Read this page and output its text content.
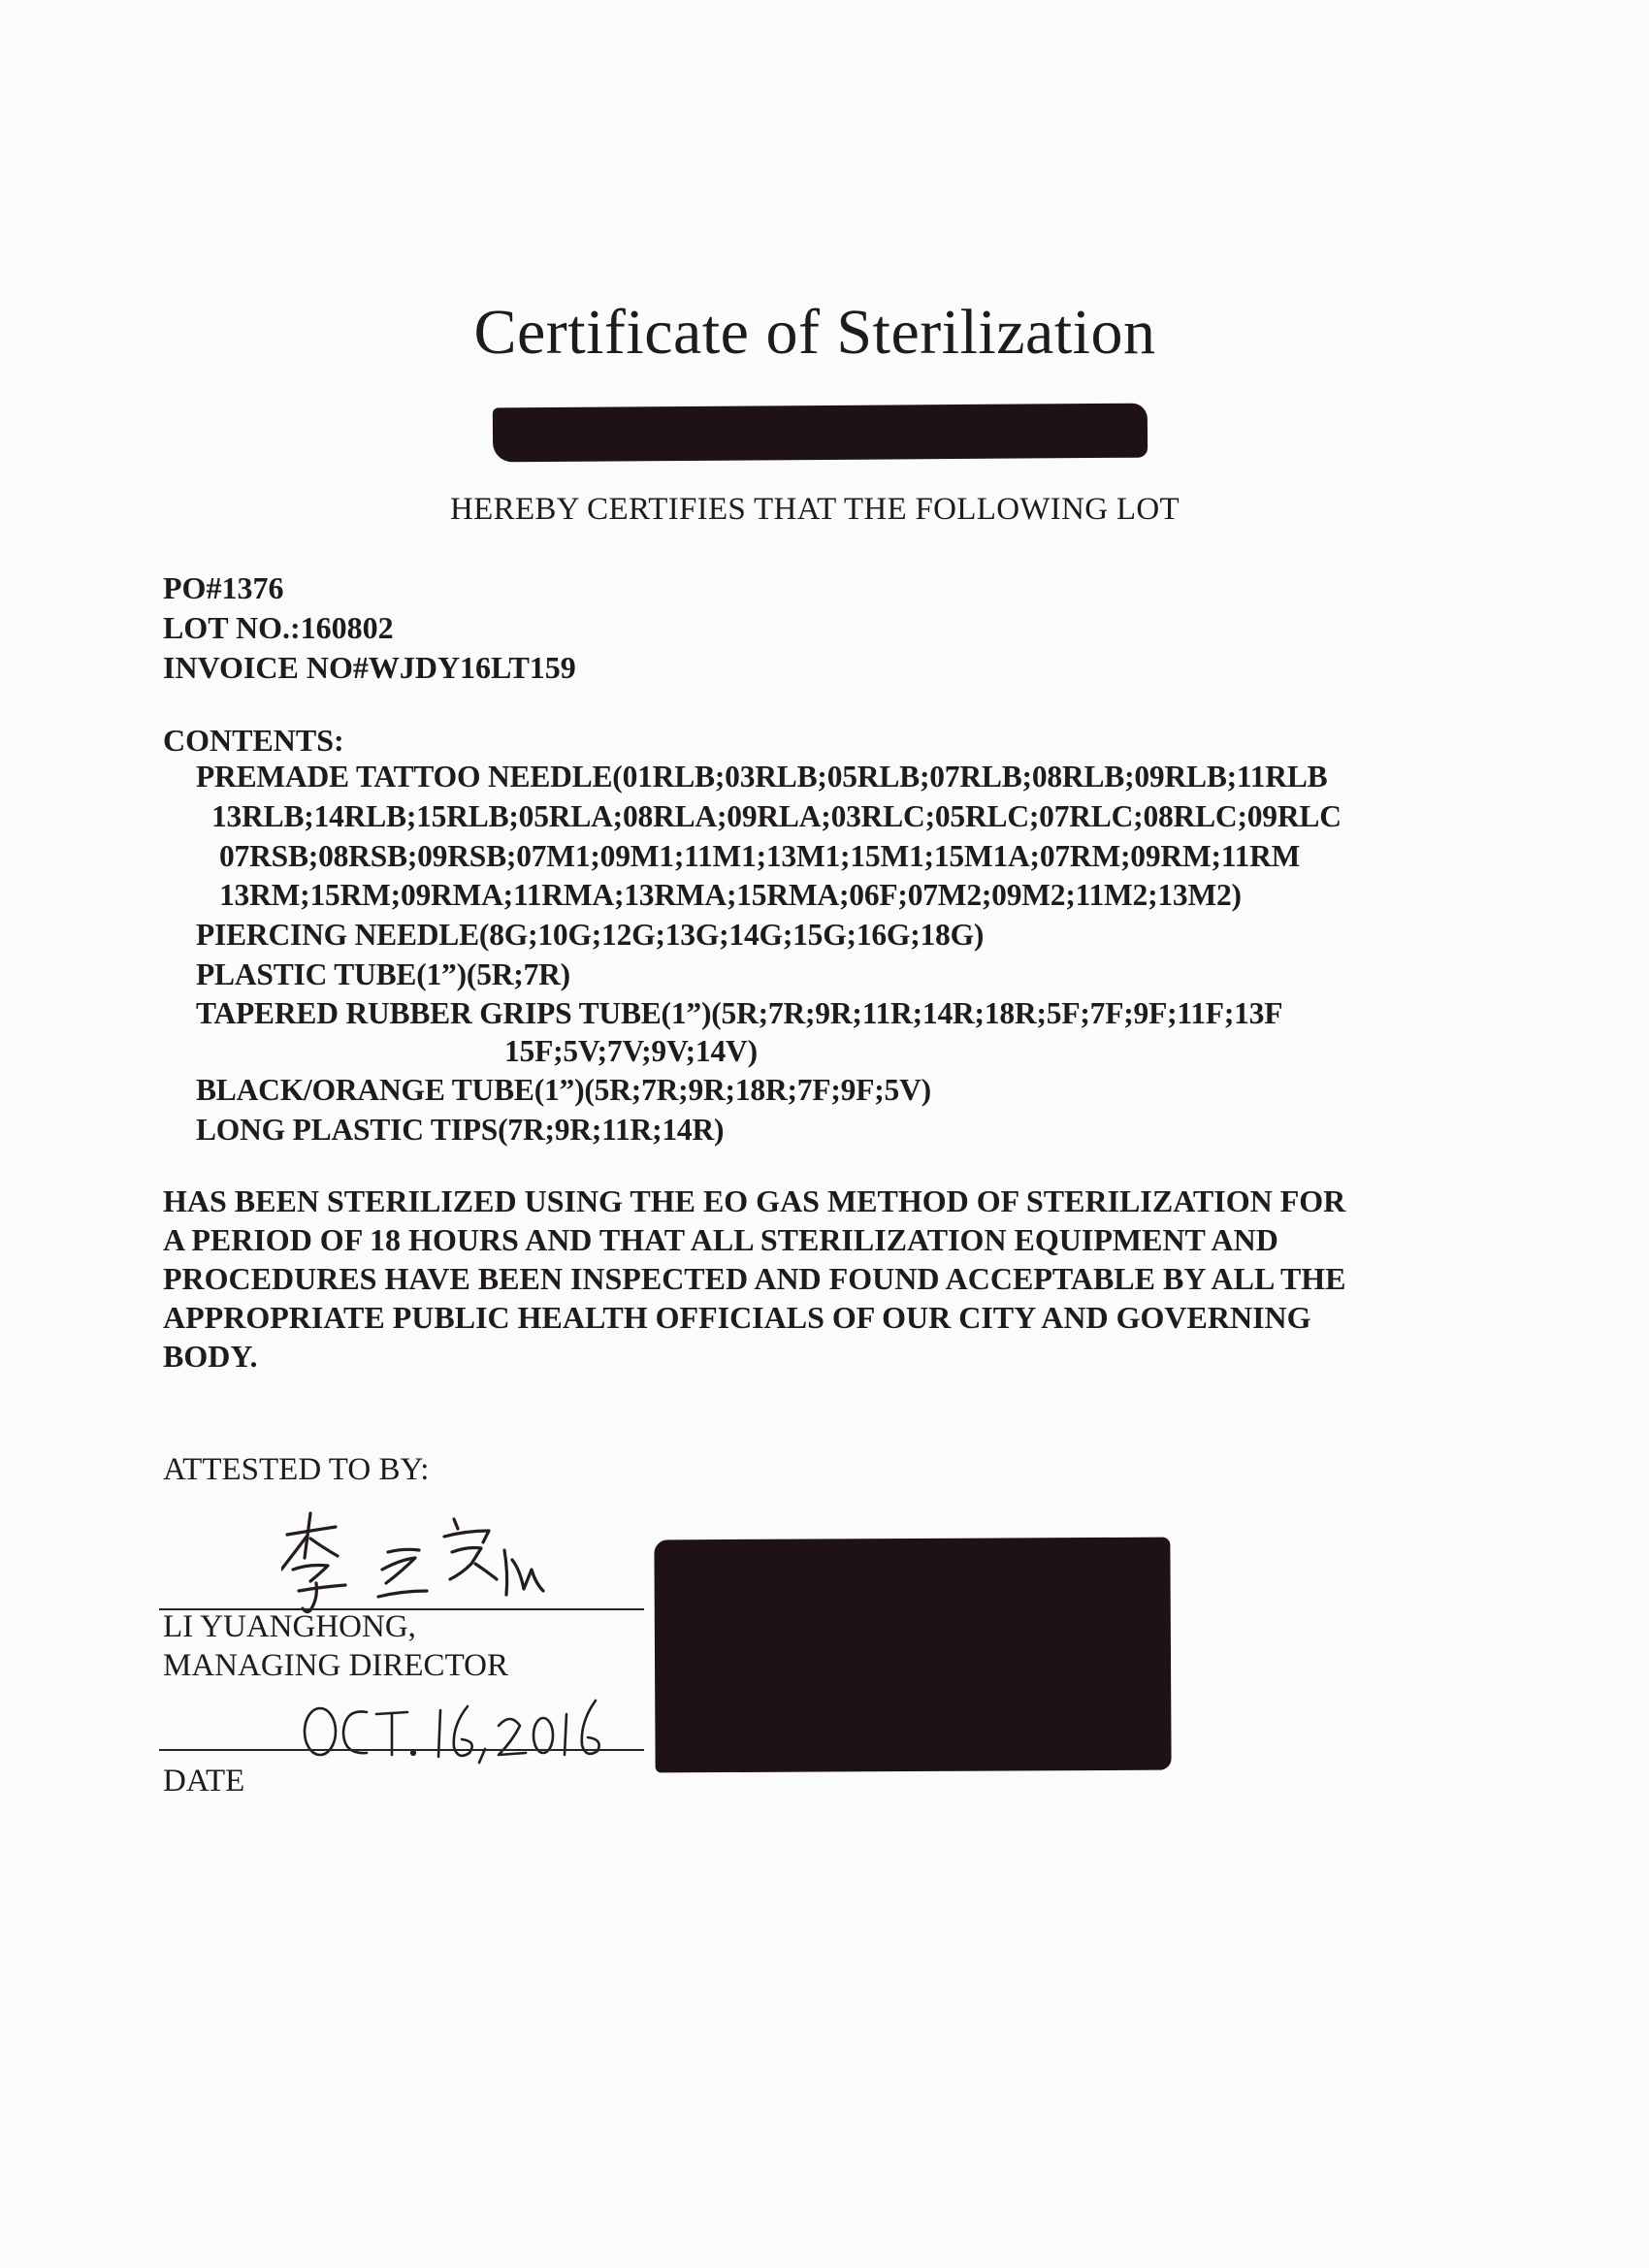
Certificate of Sterilization
HEREBY CERTIFIES THAT THE FOLLOWING LOT
PO#1376
LOT NO.:160802
INVOICE NO#WJDY16LT159
CONTENTS:
PREMADE TATTOO NEEDLE(01RLB;03RLB;05RLB;07RLB;08RLB;09RLB;11RLB
13RLB;14RLB;15RLB;05RLA;08RLA;09RLA;03RLC;05RLC;07RLC;08RLC;09RLC
07RSB;08RSB;09RSB;07M1;09M1;11M1;13M1;15M1;15M1A;07RM;09RM;11RM
13RM;15RM;09RMA;11RMA;13RMA;15RMA;06F;07M2;09M2;11M2;13M2)
PIERCING NEEDLE(8G;10G;12G;13G;14G;15G;16G;18G)
PLASTIC TUBE(1”)(5R;7R)
TAPERED RUBBER GRIPS TUBE(1”)(5R;7R;9R;11R;14R;18R;5F;7F;9F;11F;13F
15F;5V;7V;9V;14V)
BLACK/ORANGE TUBE(1”)(5R;7R;9R;18R;7F;9F;5V)
LONG PLASTIC TIPS(7R;9R;11R;14R)
HAS BEEN STERILIZED USING THE EO GAS METHOD OF STERILIZATION FOR
A PERIOD OF 18 HOURS AND THAT ALL STERILIZATION EQUIPMENT AND
PROCEDURES HAVE BEEN INSPECTED AND FOUND ACCEPTABLE BY ALL THE
APPROPRIATE PUBLIC HEALTH OFFICIALS OF OUR CITY AND GOVERNING
BODY.
ATTESTED TO BY:
LI YUANGHONG,
MANAGING DIRECTOR
DATE
